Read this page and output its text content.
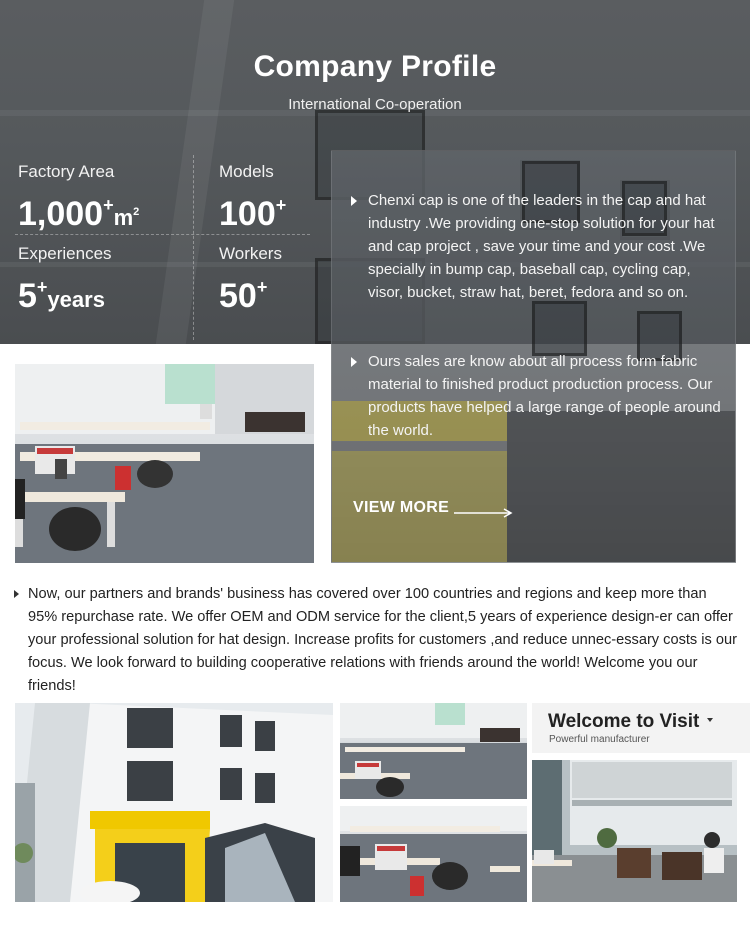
Company Profile
International Co-operation
Factory Area
$1,000^+m^2$
Models
100+
Experiences
5+years
Workers
50+
Chenxi cap is one of the leaders in the cap and hat industry .We providing one-stop solution for your hat and cap project , save your time and your cost .We specially in bump cap, baseball cap, cycling cap, visor, bucket, straw hat, beret, fedora and so on.
Ours sales are know about all process form fabric material to finished product production process. Our products have helped a large range of people around the world.
VIEW MORE
Now, our partners and brands' business has covered over 100 countries and regions and keep more than 95% repurchase rate. We offer OEM and ODM service for the client,5 years of experience design-er can offer your professional solution for hat design. Increase profits for customers ,and reduce unnec-essary costs is our focus. We look forward to building cooperative relations with friends around the world! Welcome you our friends!
Welcome to Visit
Powerful manufacturer
